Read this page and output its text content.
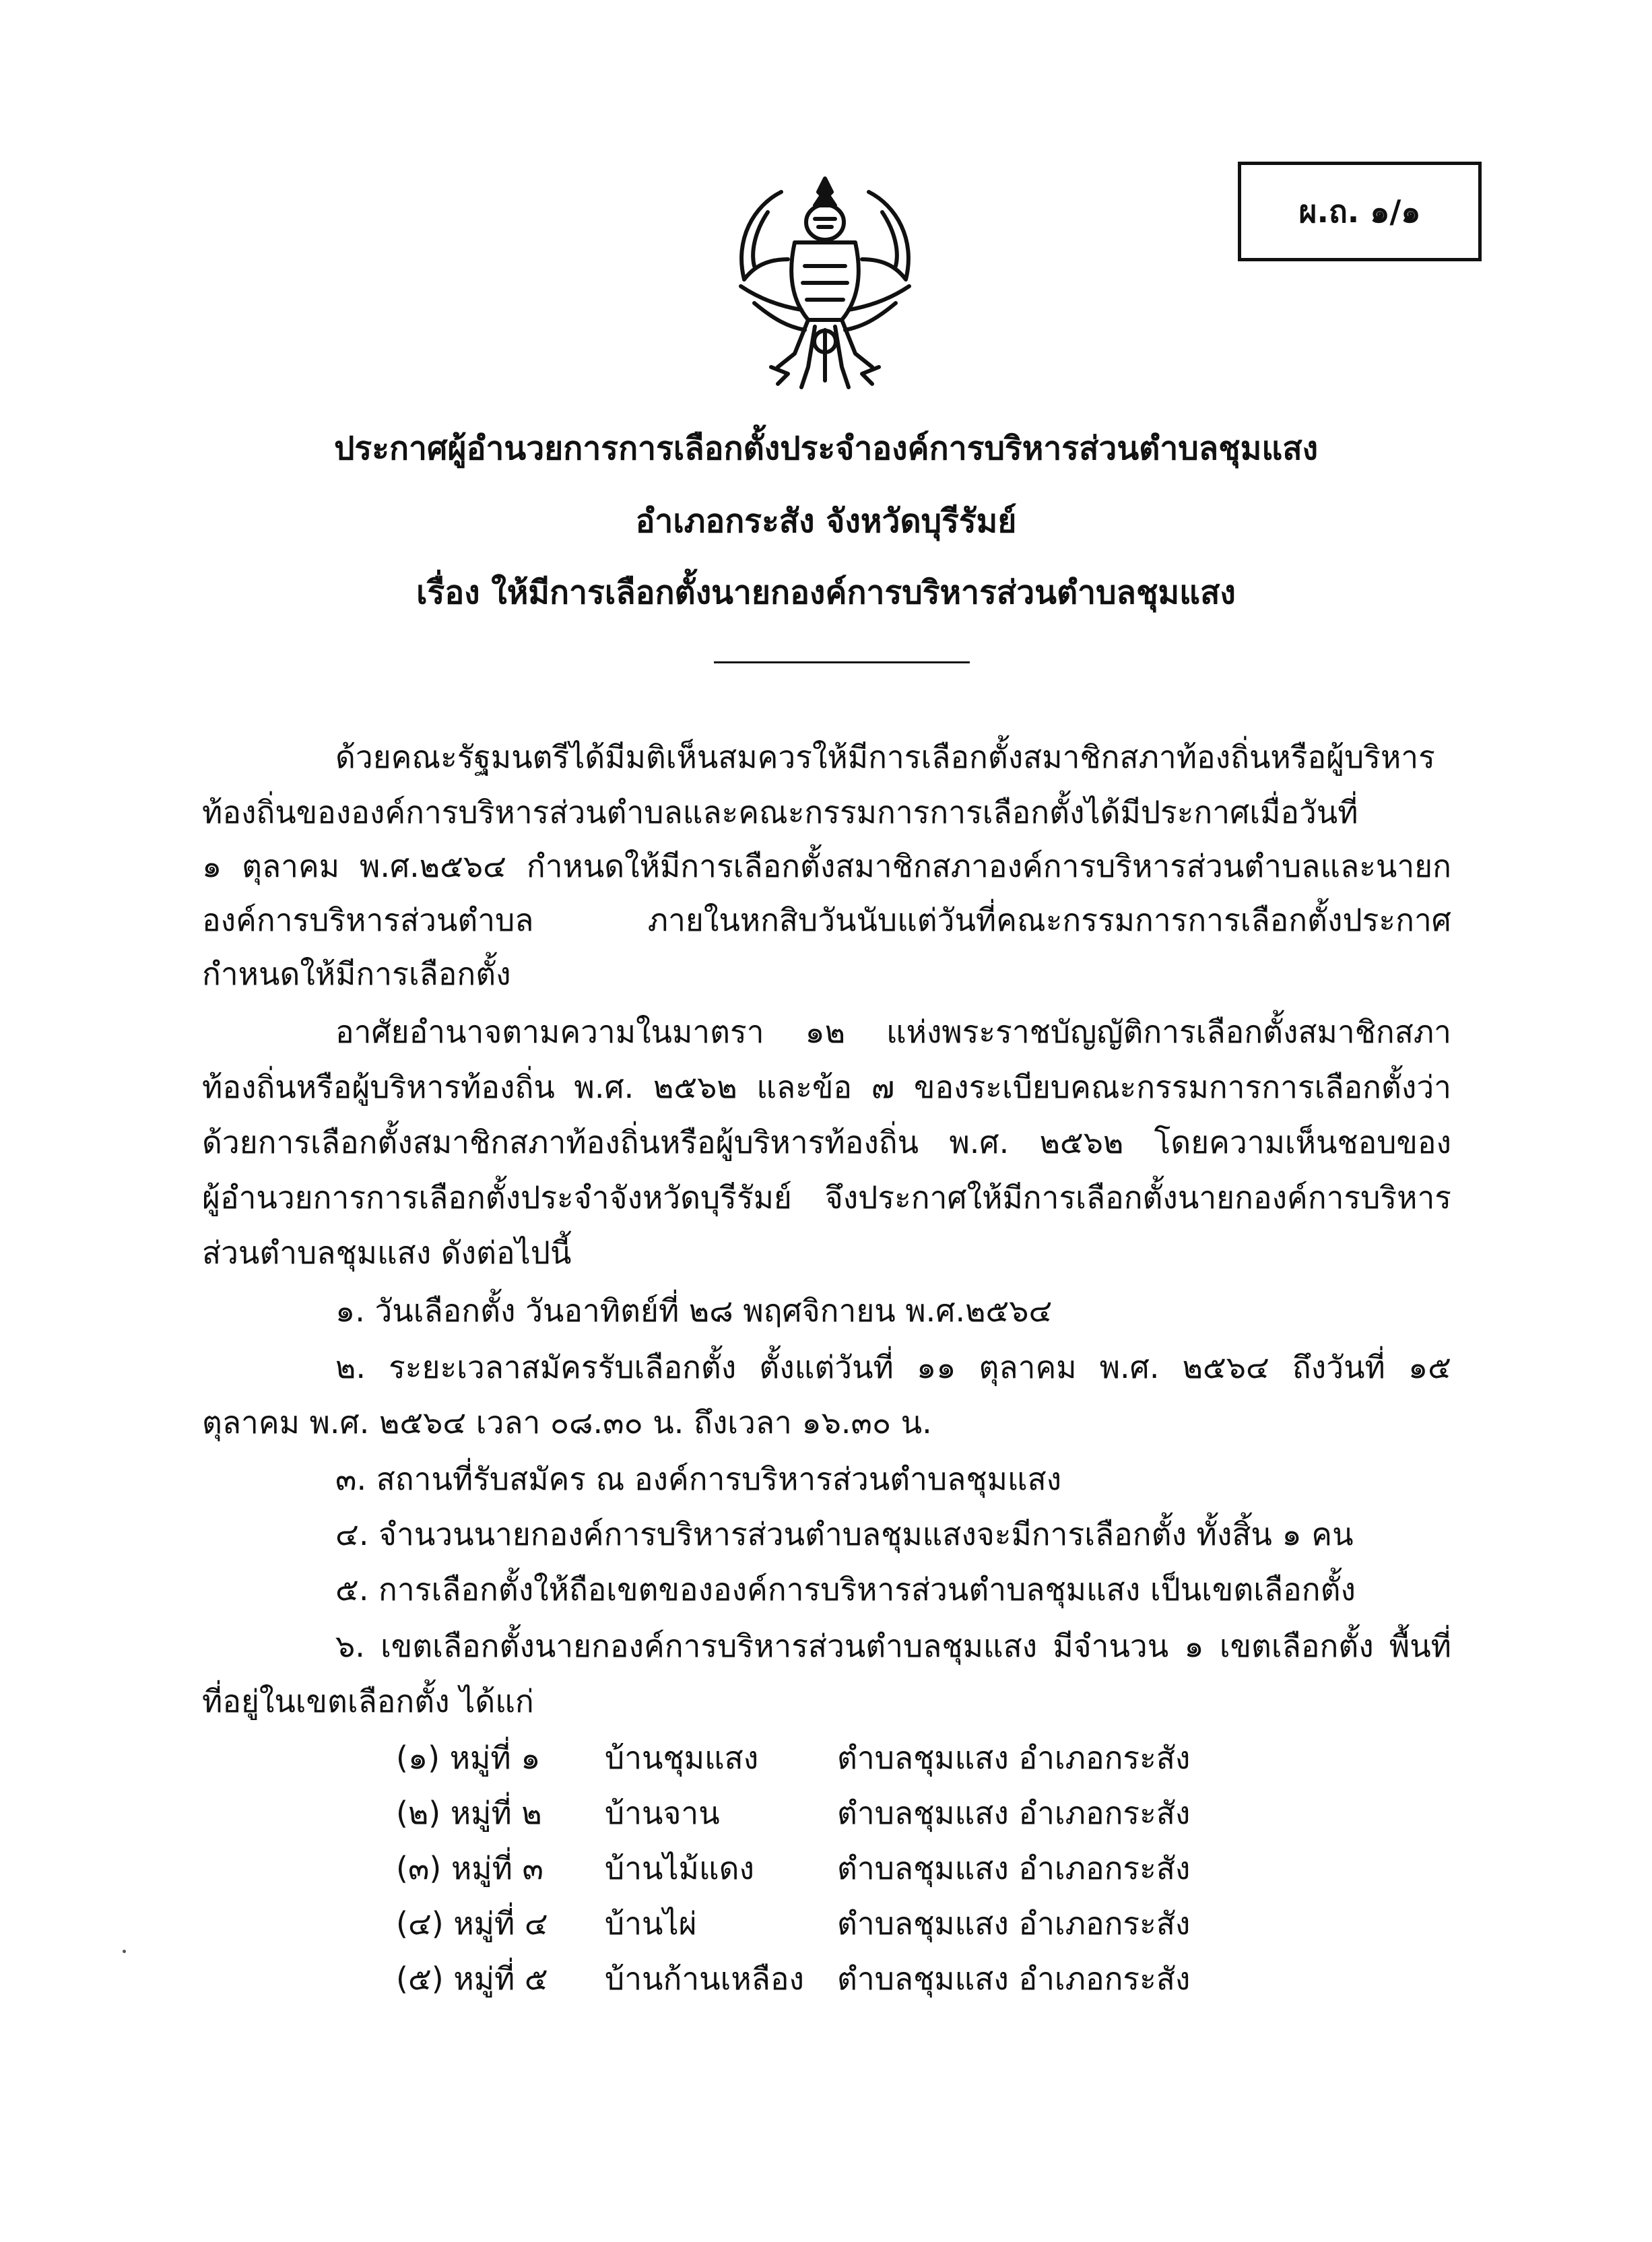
ผ.ถ. ๑/๑
ประกาศผู้อำนวยการการเลือกตั้งประจำองค์การบริหารส่วนตำบลชุมแสง
อำเภอกระสัง จังหวัดบุรีรัมย์
เรื่อง ให้มีการเลือกตั้งนายกองค์การบริหารส่วนตำบลชุมแสง
ด้วยคณะรัฐมนตรีได้มีมติเห็นสมควรให้มีการเลือกตั้งสมาชิกสภาท้องถิ่นหรือผู้บริหาร
ท้องถิ่นขององค์การบริหารส่วนตำบลและคณะกรรมการการเลือกตั้งได้มีประกาศเมื่อวันที่
๑ ตุลาคม พ.ศ.๒๕๖๔ กำหนดให้มีการเลือกตั้งสมาชิกสภาองค์การบริหารส่วนตำบลและนายก
องค์การบริหารส่วนตำบล ภายในหกสิบวันนับแต่วันที่คณะกรรมการการเลือกตั้งประกาศ
กำหนดให้มีการเลือกตั้ง
อาศัยอำนาจตามความในมาตรา ๑๒ แห่งพระราชบัญญัติการเลือกตั้งสมาชิกสภา
ท้องถิ่นหรือผู้บริหารท้องถิ่น พ.ศ. ๒๕๖๒ และข้อ ๗ ของระเบียบคณะกรรมการการเลือกตั้งว่า
ด้วยการเลือกตั้งสมาชิกสภาท้องถิ่นหรือผู้บริหารท้องถิ่น พ.ศ. ๒๕๖๒ โดยความเห็นชอบของ
ผู้อำนวยการการเลือกตั้งประจำจังหวัดบุรีรัมย์ จึงประกาศให้มีการเลือกตั้งนายกองค์การบริหาร
ส่วนตำบลชุมแสง ดังต่อไปนี้
๑. วันเลือกตั้ง วันอาทิตย์ที่ ๒๘ พฤศจิกายน พ.ศ.๒๕๖๔
๒. ระยะเวลาสมัครรับเลือกตั้ง ตั้งแต่วันที่ ๑๑ ตุลาคม พ.ศ. ๒๕๖๔ ถึงวันที่ ๑๕
ตุลาคม พ.ศ. ๒๕๖๔ เวลา ๐๘.๓๐ น. ถึงเวลา ๑๖.๓๐ น.
๓. สถานที่รับสมัคร ณ องค์การบริหารส่วนตำบลชุมแสง
๔. จำนวนนายกองค์การบริหารส่วนตำบลชุมแสงจะมีการเลือกตั้ง ทั้งสิ้น ๑ คน
๕. การเลือกตั้งให้ถือเขตขององค์การบริหารส่วนตำบลชุมแสง เป็นเขตเลือกตั้ง
๖. เขตเลือกตั้งนายกองค์การบริหารส่วนตำบลชุมแสง มีจำนวน ๑ เขตเลือกตั้ง พื้นที่
ที่อยู่ในเขตเลือกตั้ง ได้แก่
(๑) หมู่ที่ ๑ บ้านชุมแสง	ตำบลชุมแสง อำเภอกระสัง
(๒) หมู่ที่ ๒ บ้านจาน	ตำบลชุมแสง อำเภอกระสัง
(๓) หมู่ที่ ๓ บ้านไม้แดง	ตำบลชุมแสง อำเภอกระสัง
(๔) หมู่ที่ ๔ บ้านไผ่	ตำบลชุมแสง อำเภอกระสัง
(๕) หมู่ที่ ๕ บ้านก้านเหลือง ตำบลชุมแสง อำเภอกระสัง
